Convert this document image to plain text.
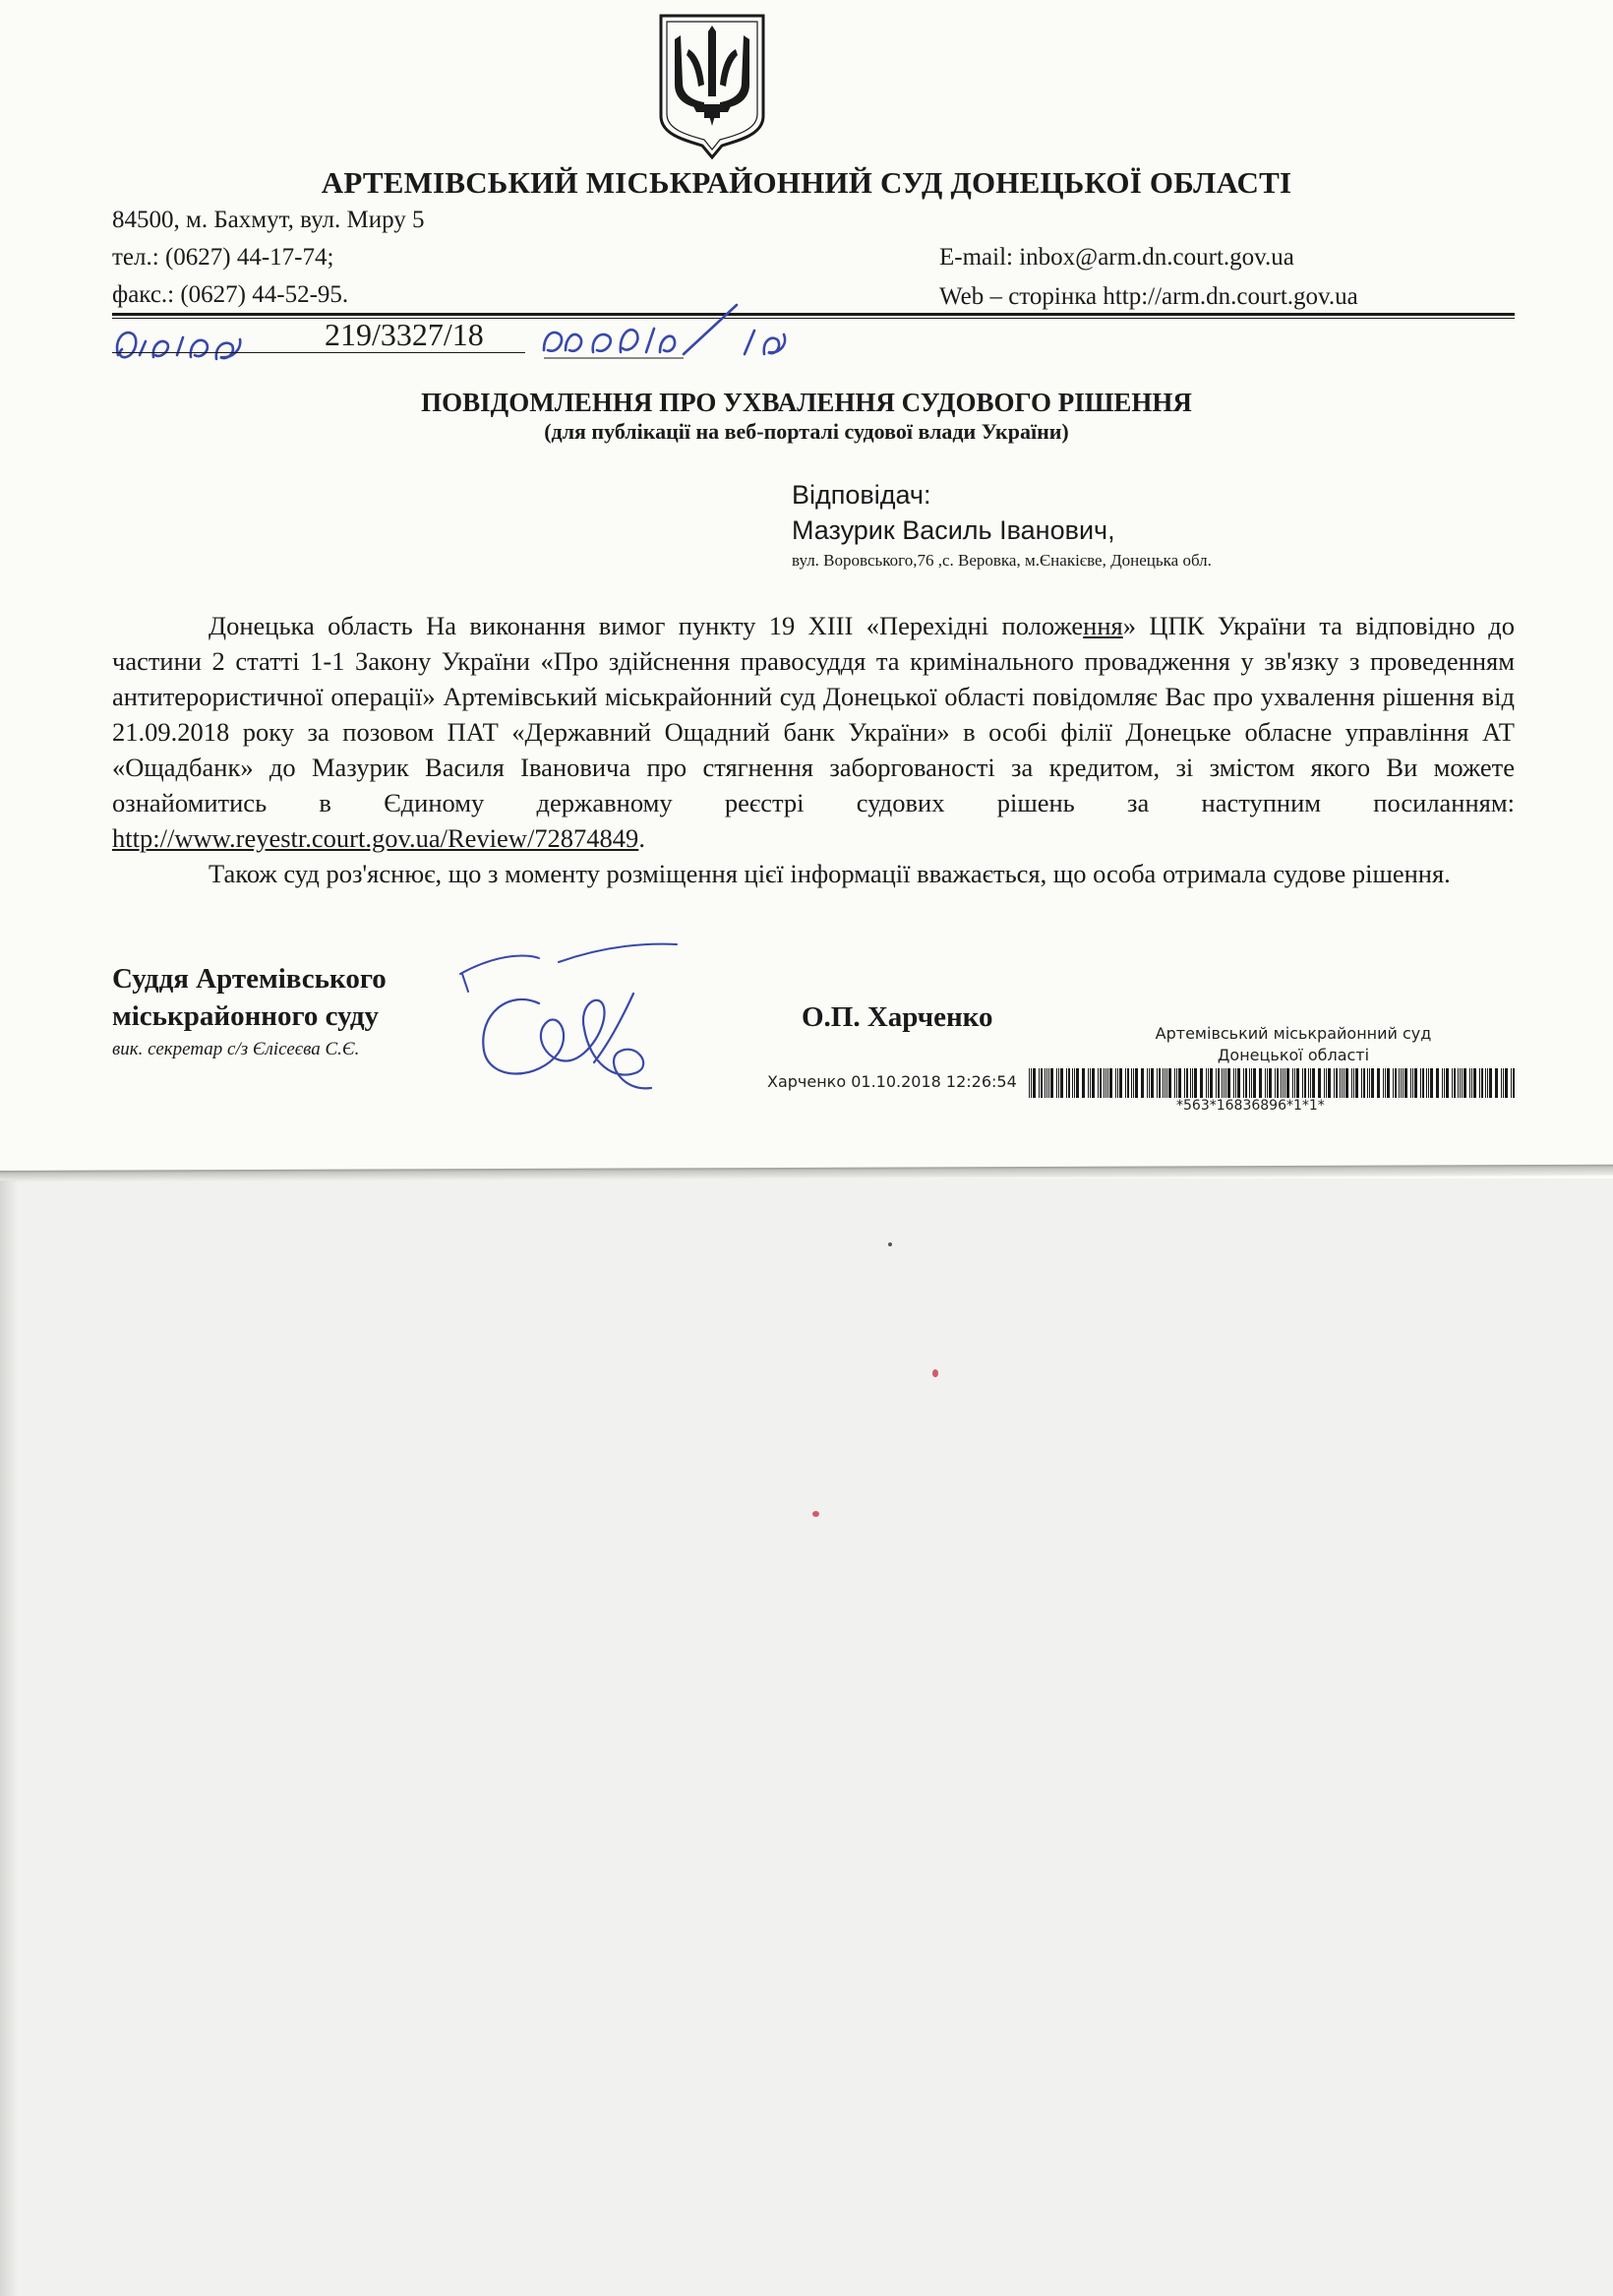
АРТЕМІВСЬКИЙ МІСЬКРАЙОННИЙ СУД ДОНЕЦЬКОЇ ОБЛАСТІ
84500, м. Бахмут, вул. Миру 5
тел.: (0627) 44-17-74;
факс.: (0627) 44-52-95.
E-mail: inbox@arm.dn.court.gov.ua
Web – сторінка http://arm.dn.court.gov.ua
219/3327/18
ПОВІДОМЛЕННЯ ПРО УХВАЛЕННЯ СУДОВОГО РІШЕННЯ
(для публікації на веб-порталі судової влади України)
Відповідач:
Мазурик Василь Іванович,
вул. Воровського,76 ,с. Веровка, м.Єнакієве, Донецька обл.

Донецька область На виконання вимог пункту 19 XIII «Перехідні положення» ЦПК України та відповідно до частини 2 статті 1-1 Закону України «Про здійснення правосуддя та кримінального провадження у зв'язку з проведенням антитерористичної операції» Артемівський міськрайонний суд Донецької області повідомляє Вас про ухвалення рішення від 21.09.2018 року за позовом ПАТ «Державний Ощадний банк України» в особі філії Донецьке обласне управління АТ «Ощадбанк» до Мазурик Василя Івановича про стягнення заборгованості за кредитом, зі змістом якого Ви можете ознайомитись в Єдиному державному реєстрі судових рішень за наступним посиланням: http://www.reyestr.court.gov.ua/Review/72874849.

Також суд роз'яснює, що з моменту розміщення цієї інформації вважається, що особа отримала судове рішення.

Суддя Артемівського
міськрайонного суду
вик. секретар с/з Єлісеєва С.Є.
О.П. Харченко
Артемівський міськрайонний суд
Донецької області
Харченко 01.10.2018 12:26:54
*563*16836896*1*1*
